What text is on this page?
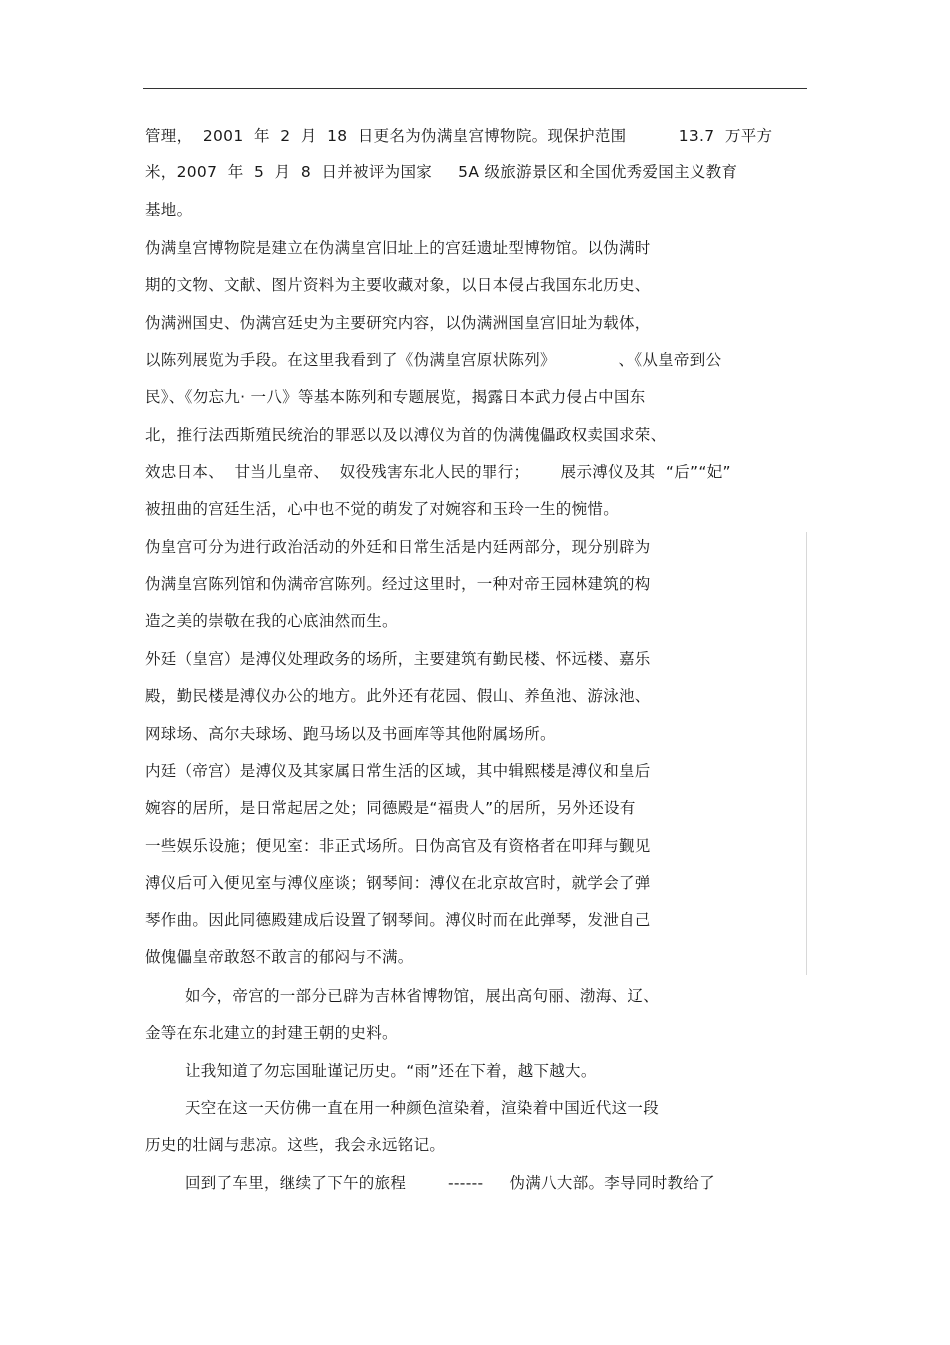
管理，  2001  年  2  月  18  日更名为伪满皇宫博物院。现保护范围          13.7  万平方
米，2007  年  5  月  8  日并被评为国家     5A 级旅游景区和全国优秀爱国主义教育
基地。
伪满皇宫博物院是建立在伪满皇宫旧址上的宫廷遗址型博物馆。以伪满时
期的文物、文献、图片资料为主要收藏对象，以日本侵占我国东北历史、
伪满洲国史、伪满宫廷史为主要研究内容，以伪满洲国皇宫旧址为载体，
以陈列展览为手段。在这里我看到了《伪满皇宫原状陈列》            、《从皇帝到公
民》、《勿忘九· 一八》等基本陈列和专题展览，揭露日本武力侵占中国东
北，推行法西斯殖民统治的罪恶以及以溥仪为首的伪满傀儡政权卖国求荣、
效忠日本、  甘当儿皇帝、  奴役残害东北人民的罪行；      展示溥仪及其  “后”“妃”
被扭曲的宫廷生活，心中也不觉的萌发了对婉容和玉玲一生的惋惜。
伪皇宫可分为进行政治活动的外廷和日常生活是内廷两部分，现分别辟为
伪满皇宫陈列馆和伪满帝宫陈列。经过这里时，一种对帝王园林建筑的构
造之美的崇敬在我的心底油然而生。
外廷（皇宫）是溥仪处理政务的场所，主要建筑有勤民楼、怀远楼、嘉乐
殿，勤民楼是溥仪办公的地方。此外还有花园、假山、养鱼池、游泳池、
网球场、高尔夫球场、跑马场以及书画库等其他附属场所。
内廷（帝宫）是溥仪及其家属日常生活的区域，其中辑熙楼是溥仪和皇后
婉容的居所，是日常起居之处；同德殿是“福贵人”的居所，另外还设有
一些娱乐设施；便见室：非正式场所。日伪高官及有资格者在叩拜与觐见
溥仪后可入便见室与溥仪座谈；钢琴间：溥仪在北京故宫时，就学会了弹
琴作曲。因此同德殿建成后设置了钢琴间。溥仪时而在此弹琴，发泄自己
做傀儡皇帝敢怒不敢言的郁闷与不满。
如今，帝宫的一部分已辟为吉林省博物馆，展出高句丽、渤海、辽、
金等在东北建立的封建王朝的史料。
让我知道了勿忘国耻谨记历史。“雨”还在下着，越下越大。
天空在这一天仿佛一直在用一种颜色渲染着，渲染着中国近代这一段
历史的壮阔与悲凉。这些，我会永远铭记。
回到了车里，继续了下午的旅程        ------     伪满八大部。李导同时教给了
